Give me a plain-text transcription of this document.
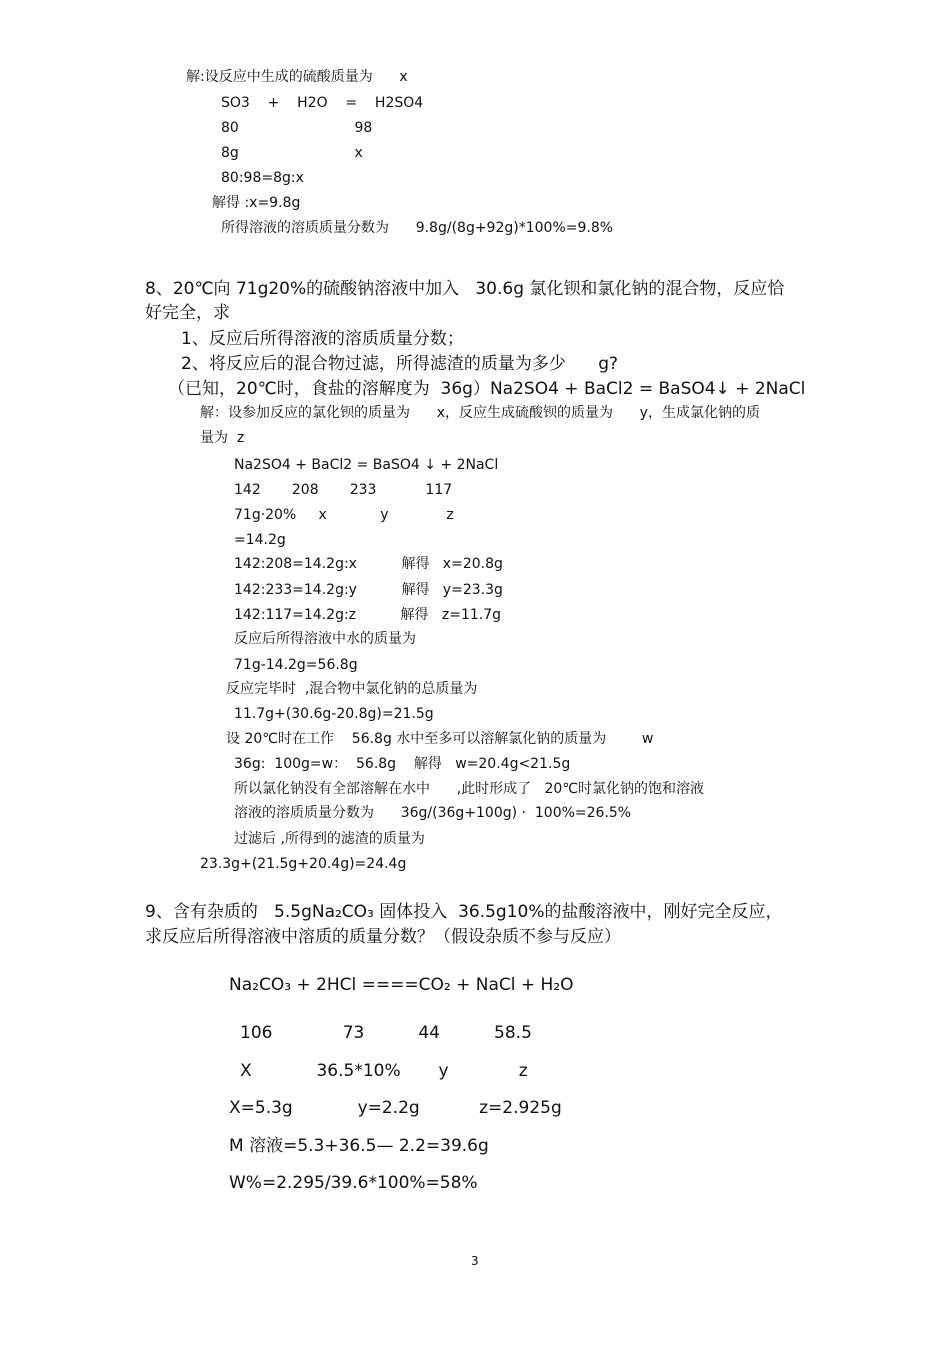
解:设反应中生成的硫酸质量为      x
SO3    +    H2O    =    H2SO4
80                          98
8g                          x
80:98=8g:x
解得 :x=9.8g
所得溶液的溶质质量分数为      9.8g/(8g+92g)*100%=9.8%
8、20℃向 71g20%的硫酸钠溶液中加入   30.6g 氯化钡和氯化钠的混合物，反应恰
好完全，求
1、反应后所得溶液的溶质质量分数；
2、将反应后的混合物过滤，所得滤渣的质量为多少      g?
（已知，20℃时，食盐的溶解度为  36g）Na2SO4 + BaCl2 = BaSO4↓ + 2NaCl
解：设参加反应的氯化钡的质量为      x，反应生成硫酸钡的质量为      y，生成氯化钠的质
量为  z
Na2SO4 + BaCl2 = BaSO4 ↓ + 2NaCl
142       208       233           117
71g·20%     x            y             z
=14.2g
142:208=14.2g:x          解得   x=20.8g
142:233=14.2g:y          解得   y=23.3g
142:117=14.2g:z          解得   z=11.7g
反应后所得溶液中水的质量为
71g-14.2g=56.8g
反应完毕时  ,混合物中氯化钠的总质量为
11.7g+(30.6g-20.8g)=21.5g
设 20℃时在工作    56.8g 水中至多可以溶解氯化钠的质量为        w
36g:  100g=w：  56.8g    解得   w=20.4g<21.5g
所以氯化钠没有全部溶解在水中      ,此时形成了   20℃时氯化钠的饱和溶液
溶液的溶质质量分数为      36g/(36g+100g) ·  100%=26.5%
过滤后 ,所得到的滤渣的质量为
23.3g+(21.5g+20.4g)=24.4g
9、含有杂质的   5.5gNa₂CO₃ 固体投入  36.5g10%的盐酸溶液中，刚好完全反应，
求反应后所得溶液中溶质的质量分数？（假设杂质不参与反应）
Na₂CO₃ + 2HCl ====CO₂ + NaCl + H₂O
106             73          44          58.5
X            36.5*10%       y             z
X=5.3g            y=2.2g           z=2.925g
M 溶液=5.3+36.5— 2.2=39.6g
W%=2.295/39.6*100%=58%
3
